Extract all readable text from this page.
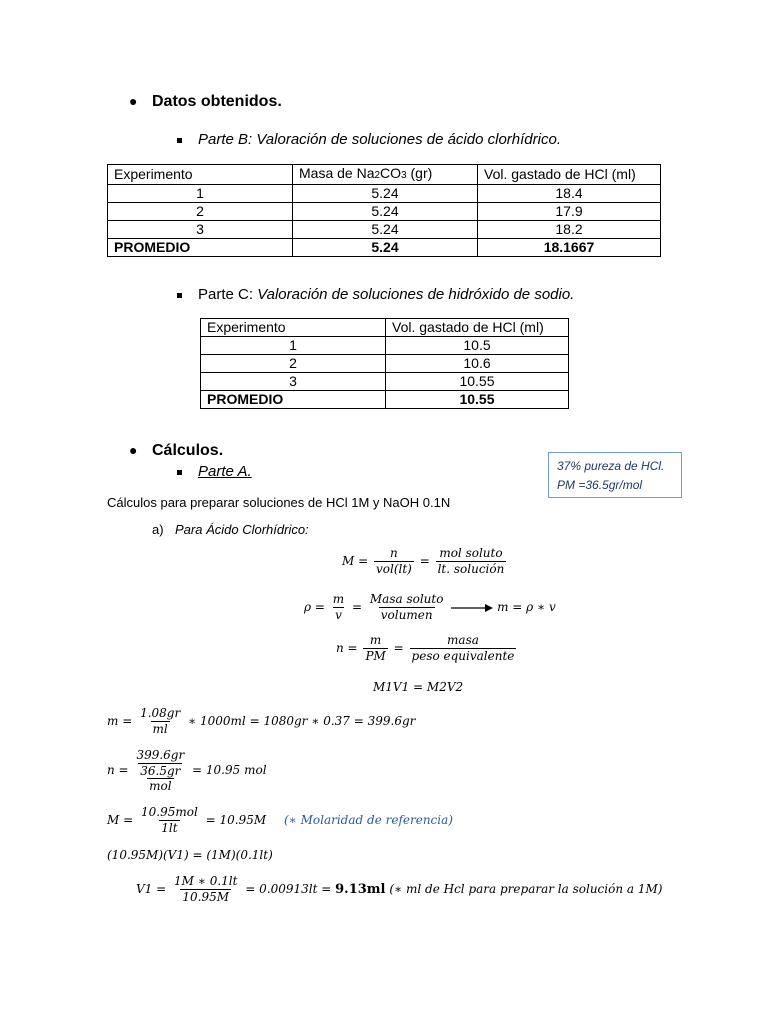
● Datos obtenidos.
Parte B: Valoración de soluciones de ácido clorhídrico.
Experimento	Masa de Na2CO3 (gr)	Vol. gastado de HCl (ml)
1	5.24	18.4
2	5.24	17.9
3	5.24	18.2
PROMEDIO	5.24	18.1667
Parte C: Valoración de soluciones de hidróxido de sodio.
Experimento	Vol. gastado de HCl (ml)
1	10.5
2	10.6
3	10.55
PROMEDIO	10.55
● Cálculos.
Parte A.	37% pureza de HCl.
PM =36.5gr/mol
Cálculos para preparar soluciones de HCl 1M y NaOH 0.1N
a) Para Ácido Clorhídrico:
$M = \frac{n}{\text{vol(lt)}} = \frac{\text{mol soluto}}{\text{lt. solución}}$
$\rho = \frac{m}{v} = \frac{\text{Masa soluto}}{\text{volumen}}$	m = ρ ∗ v
$n = \frac{m}{PM} = \frac{\text{masa}}{\text{peso equivalente}}$
M1V1 = M2V2
$m = \frac{1.08gr}{ml}$ ∗ 1000ml = 1080gr ∗ 0.37 = 399.6gr
n = 399.6gr
36.5gr
mol = 10.95 mol
$M = \frac{\text{10.95mol}}{1lt} = 10.95M$ (∗ Molaridad de referencia)
(10.95M)(V1) = (1M)(0.1lt)
$V1 = \frac{1M ∗ 0.1lt}{10.95M} = 0.00913lt = 9.13ml$ (∗ ml de Hcl para preparar la solución a 1M)
